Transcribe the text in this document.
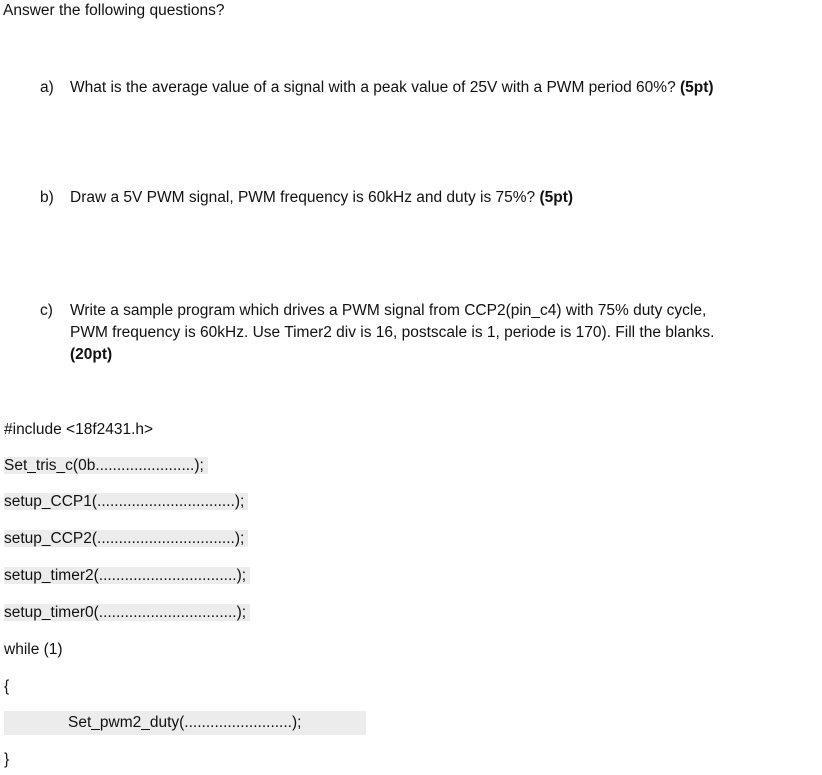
Answer the following questions?
a) What is the average value of a signal with a peak value of 25V with a PWM period 60%? (5pt)
b) Draw a 5V PWM signal, PWM frequency is 60kHz and duty is 75%? (5pt)
c) Write a sample program which drives a PWM signal from CCP2(pin_c4) with 75% duty cycle,
PWM frequency is 60kHz. Use Timer2 div is 16, postscale is 1, periode is 170). Fill the blanks.
(20pt)
#include <18f2431.h>
Set_tris_c(0b.......................);
setup_CCP1(................................);
setup_CCP2(................................);
setup_timer2(................................);
setup_timer0(................................);
while (1)
{
Set_pwm2_duty(.........................);
}
